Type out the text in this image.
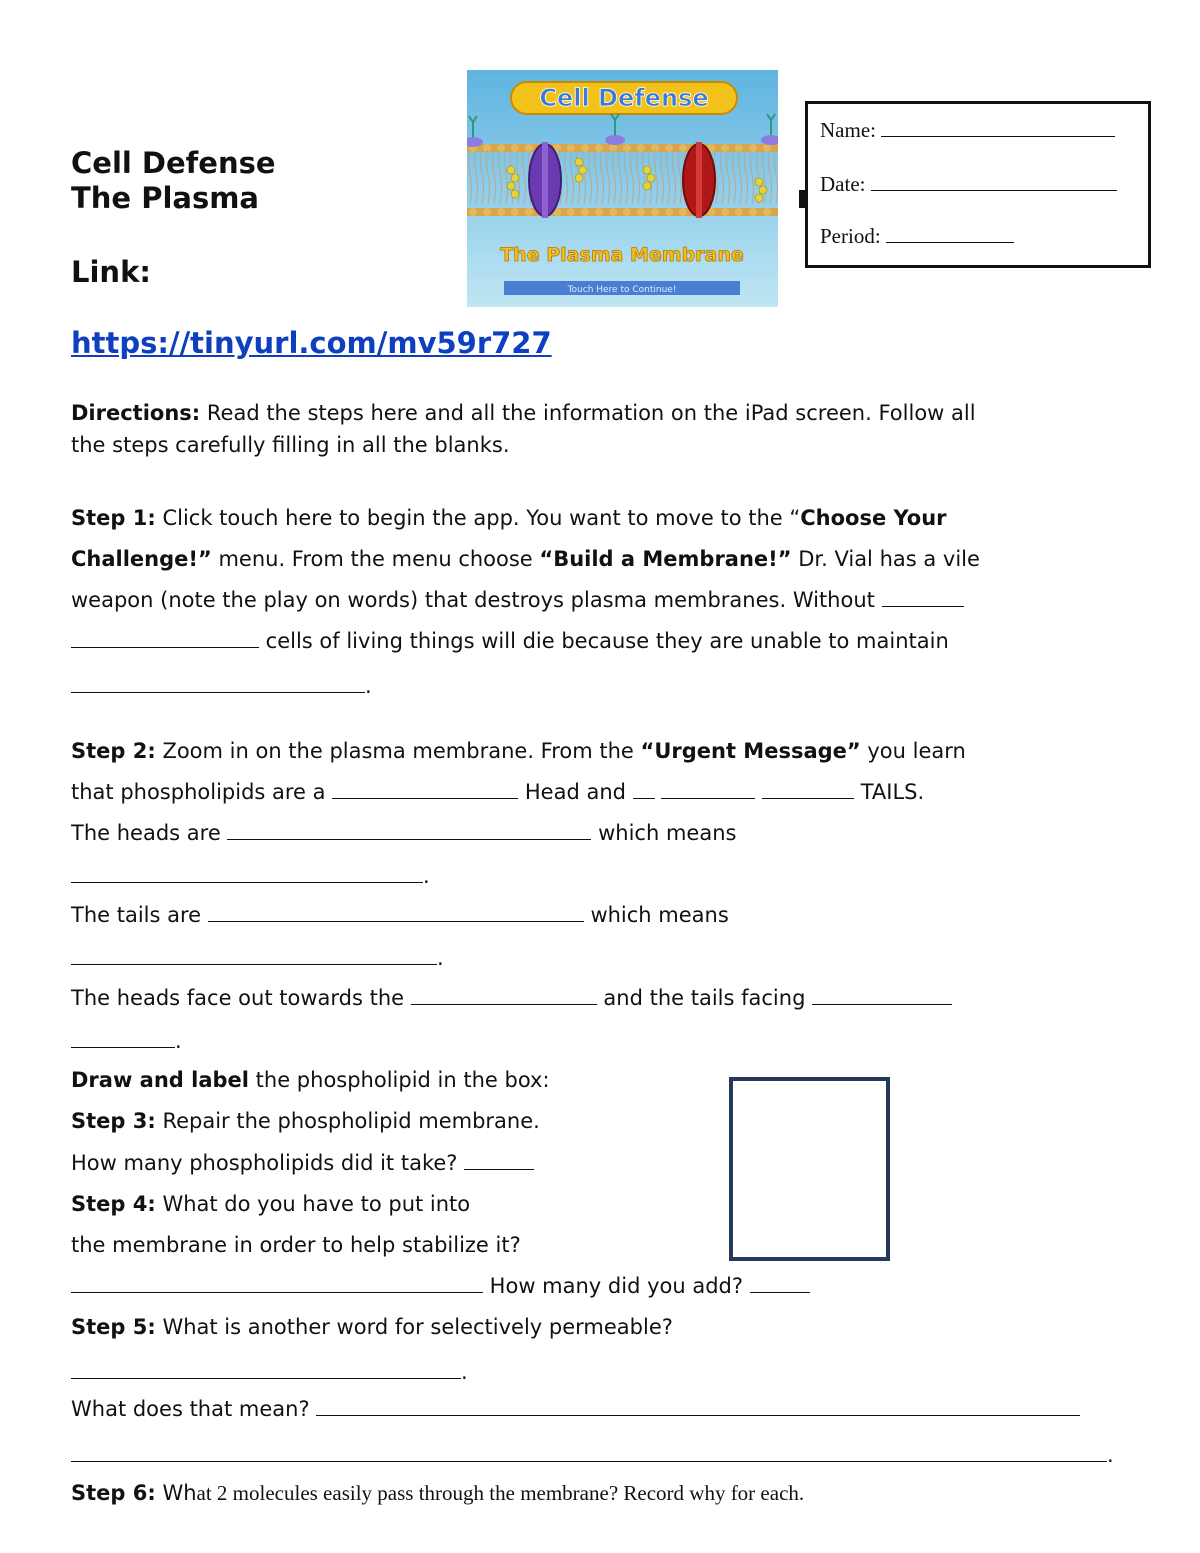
Cell Defense
The Plasma
Link:
https://tinyurl.com/mv59r727
Cell Defense
The Plasma Membrane
Touch Here to Continue!
Name:
Date:
Period:
Directions: Read the steps here and all the information on the iPad screen. Follow all
the steps carefully filling in all the blanks.
Step 1: Click touch here to begin the app. You want to move to the “Choose Your
Challenge!” menu. From the menu choose “Build a Membrane!” Dr. Vial has a vile
weapon (note the play on words) that destroys plasma membranes. Without
cells of living things will die because they are unable to maintain
.
Step 2: Zoom in on the plasma membrane. From the “Urgent Message” you learn
that phospholipids are a	Head and	TAILS.
The heads are	which means
.
The tails are	which means
.
The heads face out towards the	and the tails facing
.
Draw and label the phospholipid in the box:
Step 3: Repair the phospholipid membrane.
How many phospholipids did it take?
Step 4: What do you have to put into
the membrane in order to help stabilize it?
How many did you add?
Step 5: What is another word for selectively permeable?
.
What does that mean?
.
Step 6: What 2 molecules easily pass through the membrane? Record why for each.
